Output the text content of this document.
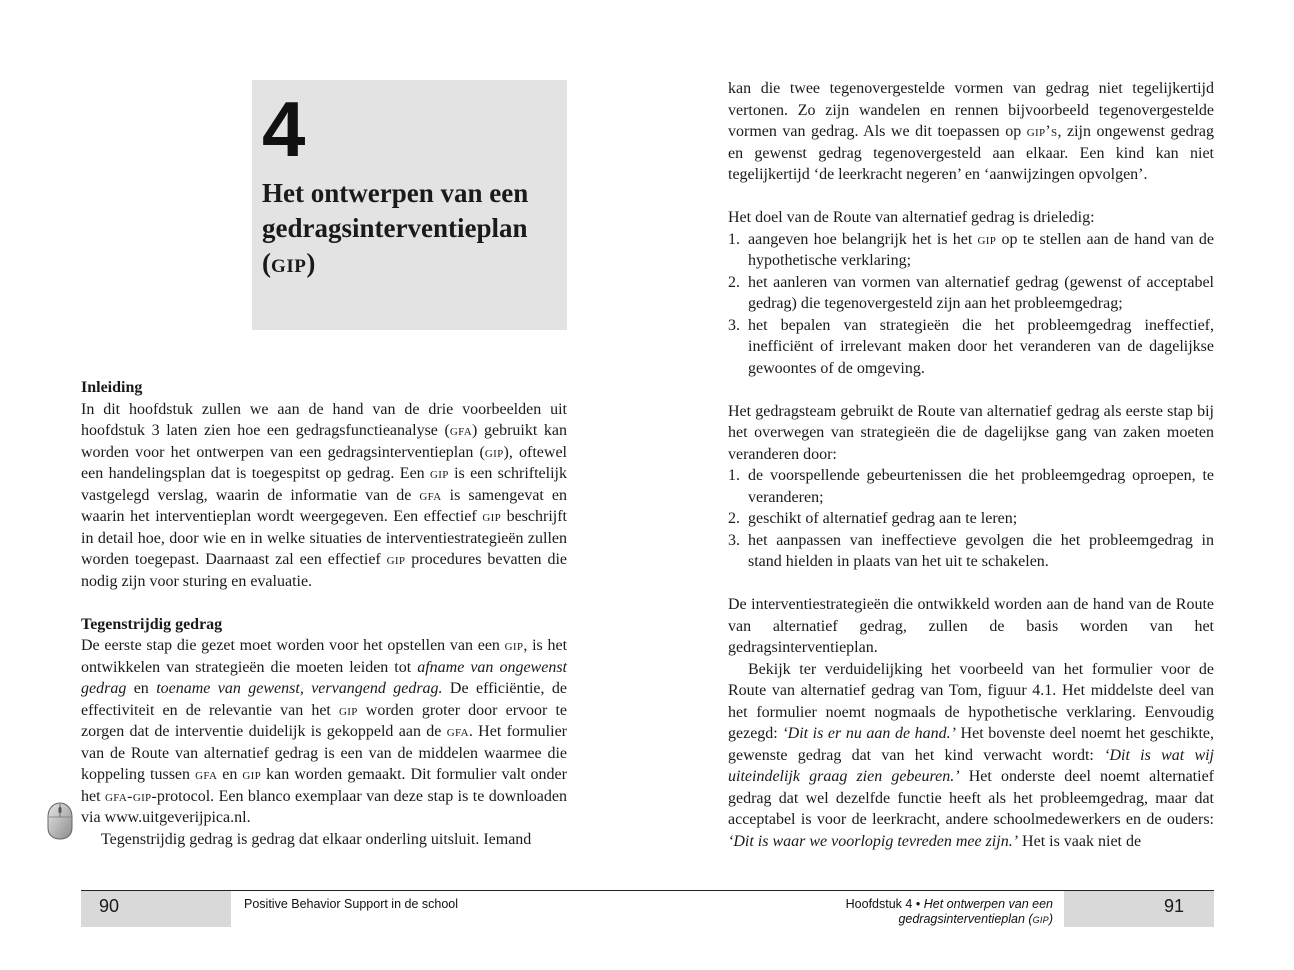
4
Het ontwerpen van een
gedragsinterventieplan
(gip)

Inleiding

In dit hoofdstuk zullen we aan de hand van de drie voorbeelden uit hoofdstuk 3 laten zien hoe een gedragsfunctieanalyse (gfa) gebruikt kan worden voor het ontwerpen van een gedragsinterventieplan (gip), oftewel een handelingsplan dat is toegespitst op gedrag. Een gip is een schriftelijk vastgelegd verslag, waarin de informatie van de gfa is samengevat en waarin het interventieplan wordt weergegeven. Een effectief gip beschrijft in detail hoe, door wie en in welke situaties de interventiestrategieën zullen worden toegepast. Daarnaast zal een effectief gip procedures bevatten die nodig zijn voor sturing en evaluatie.

Tegenstrijdig gedrag

De eerste stap die gezet moet worden voor het opstellen van een gip, is het ontwikkelen van strategieën die moeten leiden tot afname van ongewenst gedrag en toename van gewenst, vervangend gedrag. De efficiëntie, de effectiviteit en de relevantie van het gip worden groter door ervoor te zorgen dat de interventie duidelijk is gekoppeld aan de gfa. Het formulier van de Route van alternatief gedrag is een van de middelen waarmee die koppeling tussen gfa en gip kan worden gemaakt. Dit formulier valt onder het gfa-gip-protocol. Een blanco exemplaar van deze stap is te downloaden via www.uitgeverijpica.nl.

Tegenstrijdig gedrag is gedrag dat elkaar onderling uitsluit. Iemand

90	Positive Behavior Support in de school

kan die twee tegenovergestelde vormen van gedrag niet tegelijkertijd vertonen. Zo zijn wandelen en rennen bijvoorbeeld tegenovergestelde vormen van gedrag. Als we dit toepassen op gip’s, zijn ongewenst gedrag en gewenst gedrag tegenovergesteld aan elkaar. Een kind kan niet tegelijkertijd ‘de leerkracht negeren’ en ‘aanwijzingen opvolgen’.

Het doel van de Route van alternatief gedrag is drieledig:

1. aangeven hoe belangrijk het is het gip op te stellen aan de hand van de hypothetische verklaring;
2. het aanleren van vormen van alternatief gedrag (gewenst of acceptabel gedrag) die tegenovergesteld zijn aan het probleemgedrag;
3. het bepalen van strategieën die het probleemgedrag ineffectief, inefficiënt of irrelevant maken door het veranderen van de dagelijkse gewoontes of de omgeving.

Het gedragsteam gebruikt de Route van alternatief gedrag als eerste stap bij het overwegen van strategieën die de dagelijkse gang van zaken moeten veranderen door:

1. de voorspellende gebeurtenissen die het probleemgedrag oproepen, te veranderen;
2. geschikt of alternatief gedrag aan te leren;
3. het aanpassen van ineffectieve gevolgen die het probleemgedrag in stand hielden in plaats van het uit te schakelen.

De interventiestrategieën die ontwikkeld worden aan de hand van de Route van alternatief gedrag, zullen de basis worden van het gedragsinterventieplan.

Bekijk ter verduidelijking het voorbeeld van het formulier voor de Route van alternatief gedrag van Tom, figuur 4.1. Het middelste deel van het formulier noemt nogmaals de hypothetische verklaring. Eenvoudig gezegd: ‘Dit is er nu aan de hand.’ Het bovenste deel noemt het geschikte, gewenste gedrag dat van het kind verwacht wordt: ‘Dit is wat wij uiteindelijk graag zien gebeuren.’ Het onderste deel noemt alternatief gedrag dat wel dezelfde functie heeft als het probleemgedrag, maar dat acceptabel is voor de leerkracht, andere schoolmedewerkers en de ouders: ‘Dit is waar we voorlopig tevreden mee zijn.’ Het is vaak niet de

Hoofdstuk 4 • Het ontwerpen van een
gedragsinterventieplan (gip)
91
